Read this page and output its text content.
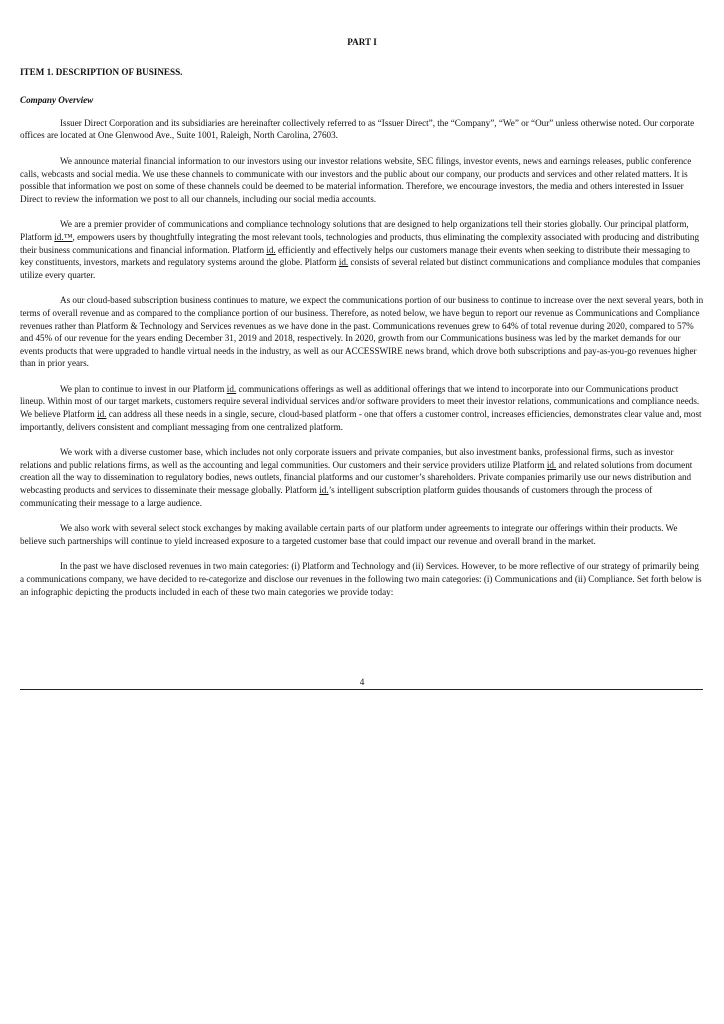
PART I
ITEM 1. DESCRIPTION OF BUSINESS.
Company Overview

Issuer Direct Corporation and its subsidiaries are hereinafter collectively referred to as “Issuer Direct”, the “Company”, “We” or “Our” unless otherwise noted. Our corporate offices are located at One Glenwood Ave., Suite 1001, Raleigh, North Carolina, 27603.

We announce material financial information to our investors using our investor relations website, SEC filings, investor events, news and earnings releases, public conference calls, webcasts and social media. We use these channels to communicate with our investors and the public about our company, our products and services and other related matters. It is possible that information we post on some of these channels could be deemed to be material information. Therefore, we encourage investors, the media and others interested in Issuer Direct to review the information we post to all our channels, including our social media accounts.

We are a premier provider of communications and compliance technology solutions that are designed to help organizations tell their stories globally. Our principal platform, Platform id.™, empowers users by thoughtfully integrating the most relevant tools, technologies and products, thus eliminating the complexity associated with producing and distributing their business communications and financial information. Platform id. efficiently and effectively helps our customers manage their events when seeking to distribute their messaging to key constituents, investors, markets and regulatory systems around the globe. Platform id. consists of several related but distinct communications and compliance modules that companies utilize every quarter.

As our cloud-based subscription business continues to mature, we expect the communications portion of our business to continue to increase over the next several years, both in terms of overall revenue and as compared to the compliance portion of our business. Therefore, as noted below, we have begun to report our revenue as Communications and Compliance revenues rather than Platform & Technology and Services revenues as we have done in the past. Communications revenues grew to 64% of total revenue during 2020, compared to 57% and 45% of our revenue for the years ending December 31, 2019 and 2018, respectively. In 2020, growth from our Communications business was led by the market demands for our events products that were upgraded to handle virtual needs in the industry, as well as our ACCESSWIRE news brand, which drove both subscriptions and pay-as-you-go revenues higher than in prior years.

We plan to continue to invest in our Platform id. communications offerings as well as additional offerings that we intend to incorporate into our Communications product lineup. Within most of our target markets, customers require several individual services and/or software providers to meet their investor relations, communications and compliance needs. We believe Platform id. can address all these needs in a single, secure, cloud-based platform - one that offers a customer control, increases efficiencies, demonstrates clear value and, most importantly, delivers consistent and compliant messaging from one centralized platform.

We work with a diverse customer base, which includes not only corporate issuers and private companies, but also investment banks, professional firms, such as investor relations and public relations firms, as well as the accounting and legal communities. Our customers and their service providers utilize Platform id. and related solutions from document creation all the way to dissemination to regulatory bodies, news outlets, financial platforms and our customer’s shareholders. Private companies primarily use our news distribution and webcasting products and services to disseminate their message globally. Platform id.’s intelligent subscription platform guides thousands of customers through the process of communicating their message to a large audience.

We also work with several select stock exchanges by making available certain parts of our platform under agreements to integrate our offerings within their products. We believe such partnerships will continue to yield increased exposure to a targeted customer base that could impact our revenue and overall brand in the market.

In the past we have disclosed revenues in two main categories: (i) Platform and Technology and (ii) Services. However, to be more reflective of our strategy of primarily being a communications company, we have decided to re-categorize and disclose our revenues in the following two main categories: (i) Communications and (ii) Compliance. Set forth below is an infographic depicting the products included in each of these two main categories we provide today:

4
